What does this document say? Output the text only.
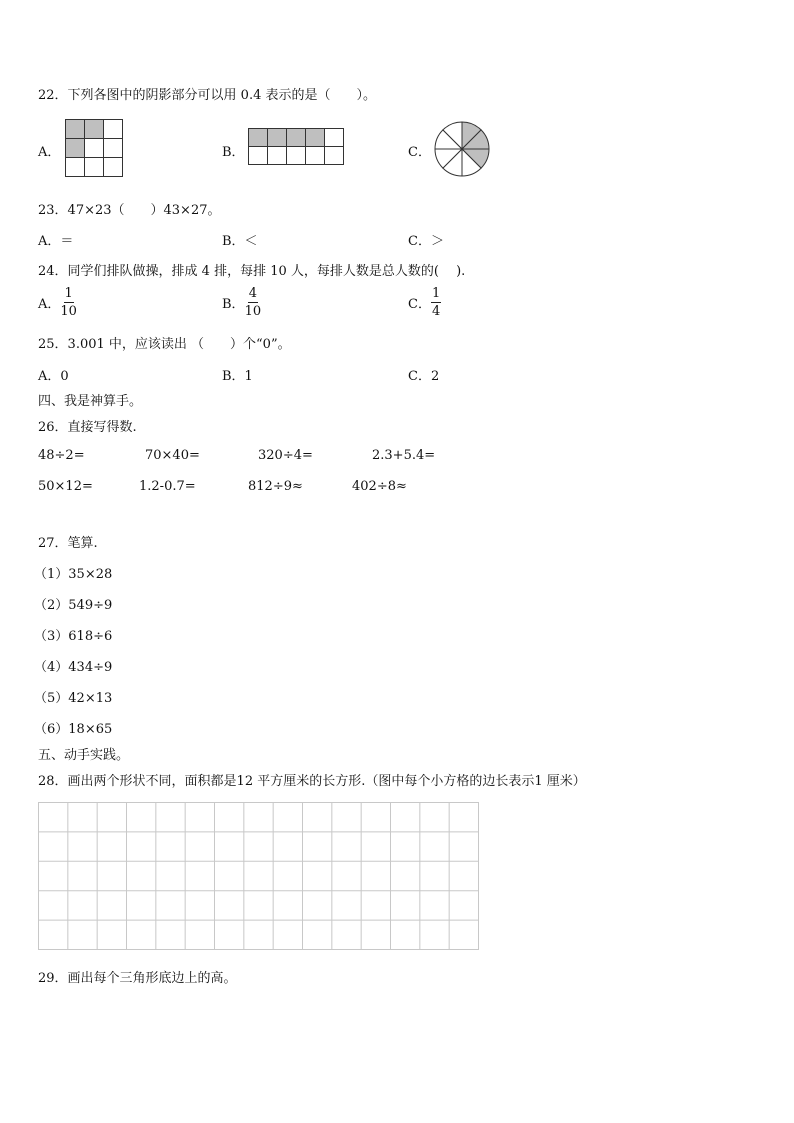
22．下列各图中的阴影部分可以用 0.4 表示的是（　　）。
A．	B．	C．
23．47×23（　　）43×27。
A．＝	B．＜	C．＞
24．同学们排队做操，排成 4 排，每排 10 人，每排人数是总人数的(　 ).
A． $\frac{1}{10}$	B． $\frac{4}{10}$	C． $\frac{1}{4}$
25．3.001 中，应该读出 （　　）个“0”。
A．0	B．1	C．2
四、我是神算手。
26．直接写得数.
48÷2=	70×40=	320÷4=	2.3+5.4=
50×12=	1.2-0.7=	812÷9≈	402÷8≈
27．笔算.
（1）35×28
（2）549÷9
（3）618÷6
（4）434÷9
（5）42×13
（6）18×65
五、动手实践。
28．画出两个形状不同，面积都是12 平方厘米的长方形.（图中每个小方格的边长表示1 厘米）
29．画出每个三角形底边上的高。
